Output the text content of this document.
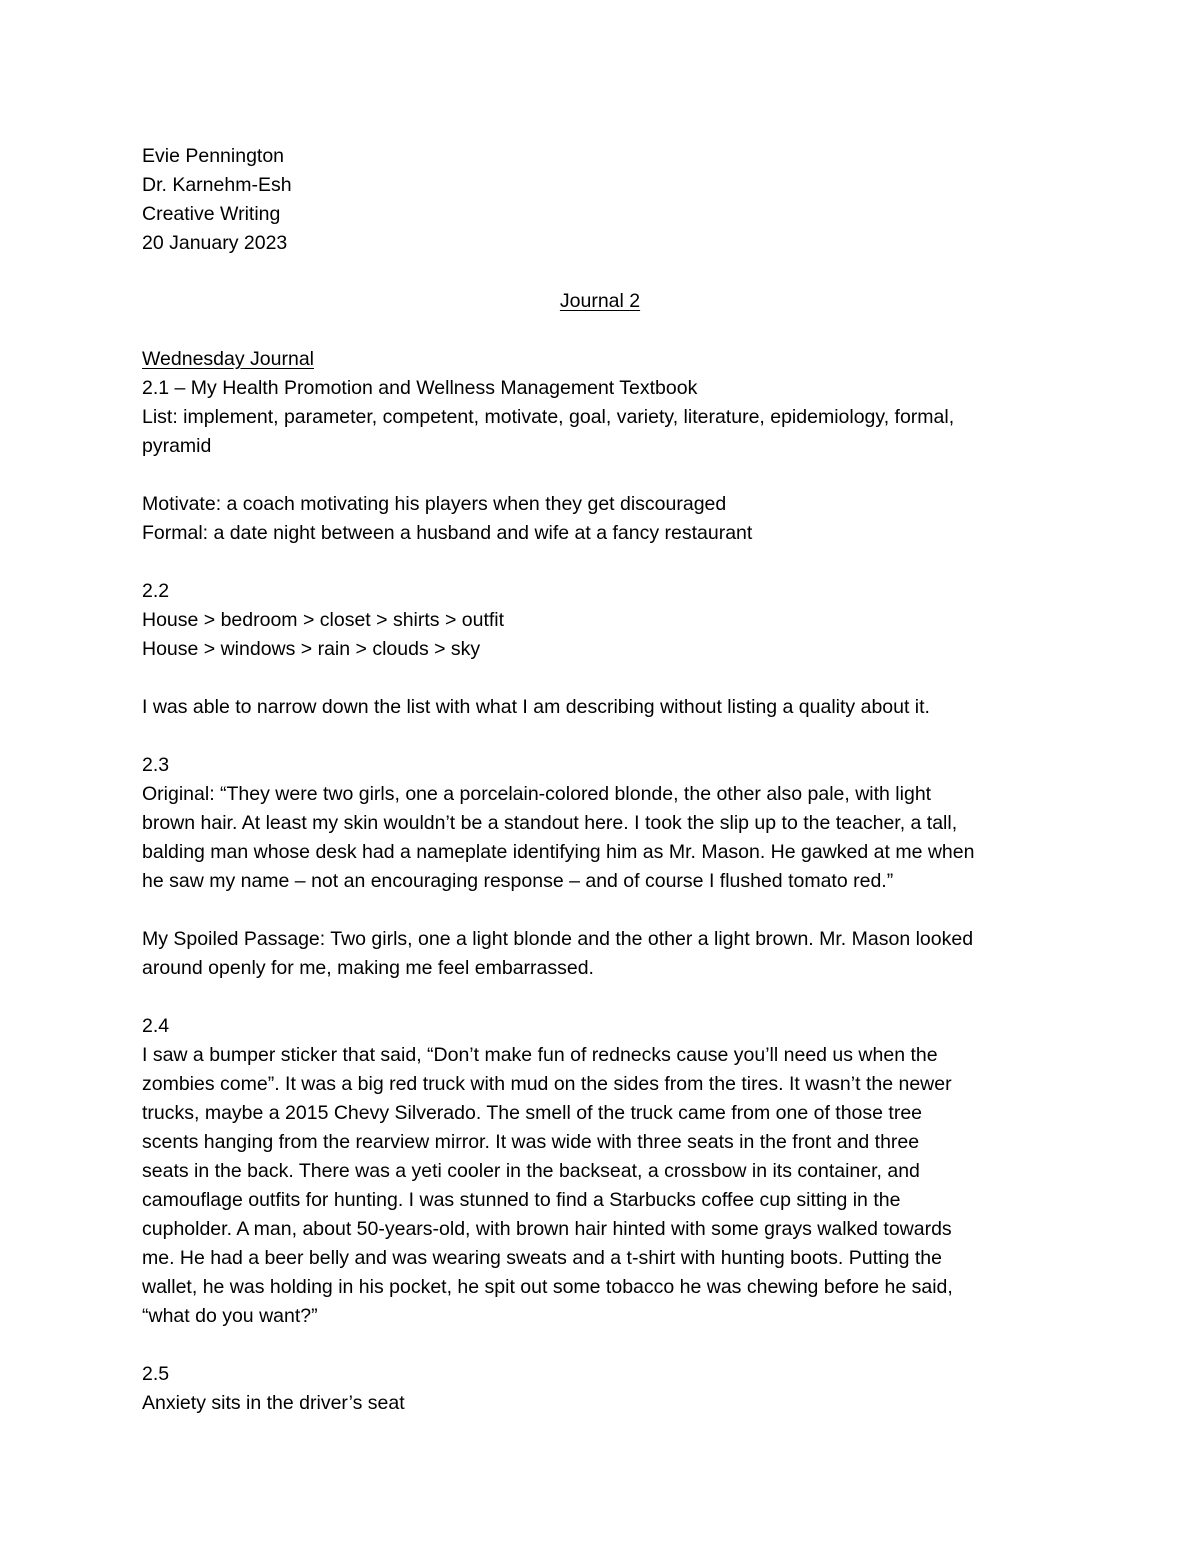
Evie Pennington

Dr. Karnehm-Esh

Creative Writing

20 January 2023

Journal 2

Wednesday Journal

2.1 – My Health Promotion and Wellness Management Textbook

List: implement, parameter, competent, motivate, goal, variety, literature, epidemiology, formal,

pyramid

Motivate: a coach motivating his players when they get discouraged

Formal: a date night between a husband and wife at a fancy restaurant

2.2

House > bedroom > closet > shirts > outfit

House > windows > rain > clouds > sky

I was able to narrow down the list with what I am describing without listing a quality about it.

2.3

Original: “They were two girls, one a porcelain-colored blonde, the other also pale, with light

brown hair. At least my skin wouldn’t be a standout here. I took the slip up to the teacher, a tall,

balding man whose desk had a nameplate identifying him as Mr. Mason. He gawked at me when

he saw my name – not an encouraging response – and of course I flushed tomato red.”

My Spoiled Passage: Two girls, one a light blonde and the other a light brown. Mr. Mason looked

around openly for me, making me feel embarrassed.

2.4

I saw a bumper sticker that said, “Don’t make fun of rednecks cause you’ll need us when the

zombies come”. It was a big red truck with mud on the sides from the tires. It wasn’t the newer

trucks, maybe a 2015 Chevy Silverado. The smell of the truck came from one of those tree

scents hanging from the rearview mirror. It was wide with three seats in the front and three

seats in the back. There was a yeti cooler in the backseat, a crossbow in its container, and

camouflage outfits for hunting. I was stunned to find a Starbucks coffee cup sitting in the

cupholder. A man, about 50-years-old, with brown hair hinted with some grays walked towards

me. He had a beer belly and was wearing sweats and a t-shirt with hunting boots. Putting the

wallet, he was holding in his pocket, he spit out some tobacco he was chewing before he said,

“what do you want?”

2.5

Anxiety sits in the driver’s seat
